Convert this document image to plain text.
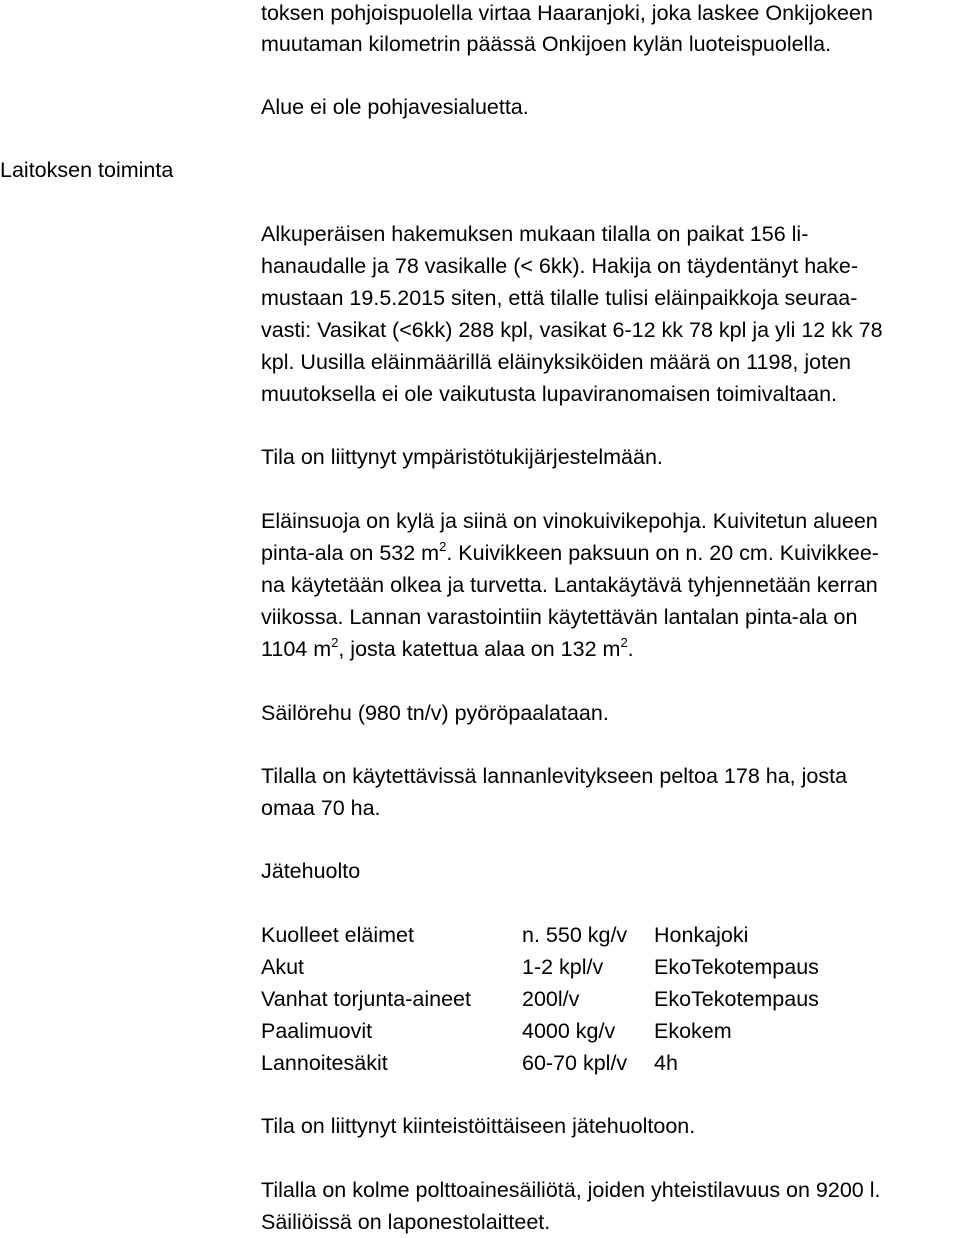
toksen pohjoispuolella virtaa Haaranjoki, joka laskee Onkijokeen

muutaman kilometrin päässä Onkijoen kylän luoteispuolella.

Alue ei ole pohjavesialuetta.

Laitoksen toiminta

Alkuperäisen hakemuksen mukaan tilalla on paikat 156 li-

hanaudalle ja 78 vasikalle (< 6kk). Hakija on täydentänyt hake-

mustaan 19.5.2015 siten, että tilalle tulisi eläinpaikkoja seuraa-

vasti: Vasikat (<6kk) 288 kpl, vasikat 6-12 kk 78 kpl ja yli 12 kk 78

kpl. Uusilla eläinmäärillä eläinyksiköiden määrä on 1198, joten

muutoksella ei ole vaikutusta lupaviranomaisen toimivaltaan.

Tila on liittynyt ympäristötukijärjestelmään.

Eläinsuoja on kylä ja siinä on vinokuivikepohja. Kuivitetun alueen

pinta-ala on 532 $m^2$. Kuivikkeen paksuun on n. 20 cm. Kuivikkee-

na käytetään olkea ja turvetta. Lantakäytävä tyhjennetään kerran

viikossa. Lannan varastointiin käytettävän lantalan pinta-ala on

1104 $m^2$, josta katettua alaa on 132 $m^2$.

Säilörehu (980 tn/v) pyöröpaalataan.

Tilalla on käytettävissä lannanlevitykseen peltoa 178 ha, josta

omaa 70 ha.

Jätehuolto

Kuolleet eläimet	n. 550 kg/v	Honkajoki
Akut	1-2 kpl/v	EkoTekotempaus
Vanhat torjunta-aineet	200l/v	EkoTekotempaus
Paalimuovit	4000 kg/v	Ekokem
Lannoitesäkit	60-70 kpl/v	4h

Tila on liittynyt kiinteistöittäiseen jätehuoltoon.

Tilalla on kolme polttoainesäiliötä, joiden yhteistilavuus on 9200 l.

Säiliöissä on laponestolaitteet.
